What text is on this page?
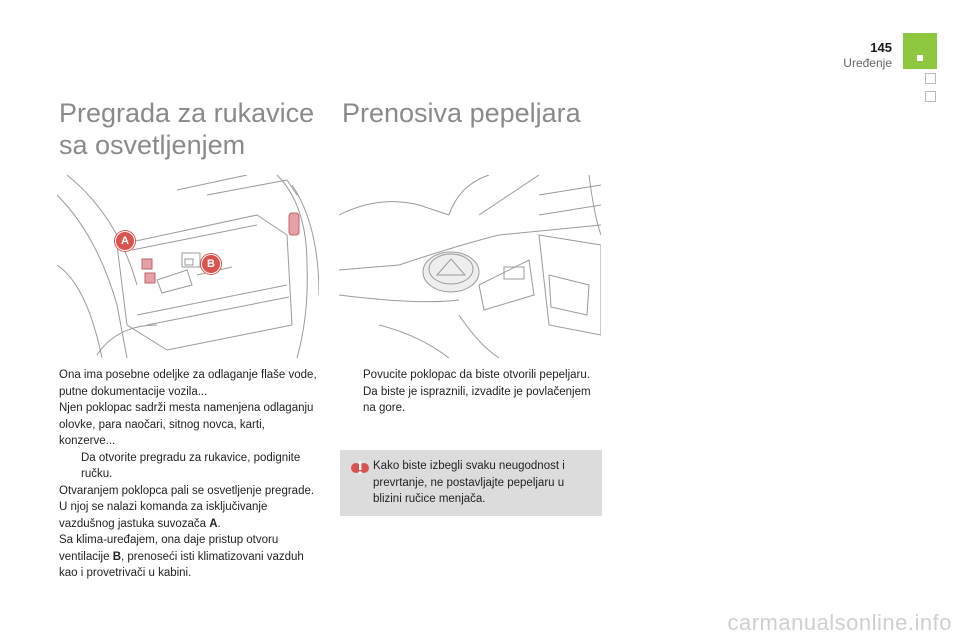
145
Uređenje
Pregrada za rukavice
sa osvetljenjem
Prenosiva pepeljara
A
B
Ona ima posebne odeljke za odlaganje flaše vode, putne dokumentacije vozila...
Njen poklopac sadrži mesta namenjena odlaganju olovke, para naočari, sitnog novca, karti, konzerve...
Da otvorite pregradu za rukavice, podignite ručku.
Otvaranjem poklopca pali se osvetljenje pregrade.
U njoj se nalazi komanda za isključivanje vazdušnog jastuka suvozača A.
Sa klima-uređajem, ona daje pristup otvoru ventilacije B, prenoseći isti klimatizovani vazduh kao i provetrivači u kabini.
Povucite poklopac da biste otvorili pepeljaru.
Da biste je ispraznili, izvadite je povlačenjem na gore.
Kako biste izbegli svaku neugodnost i prevrtanje, ne postavljajte pepeljaru u blizini ručice menjača.
carmanualsonline.info
